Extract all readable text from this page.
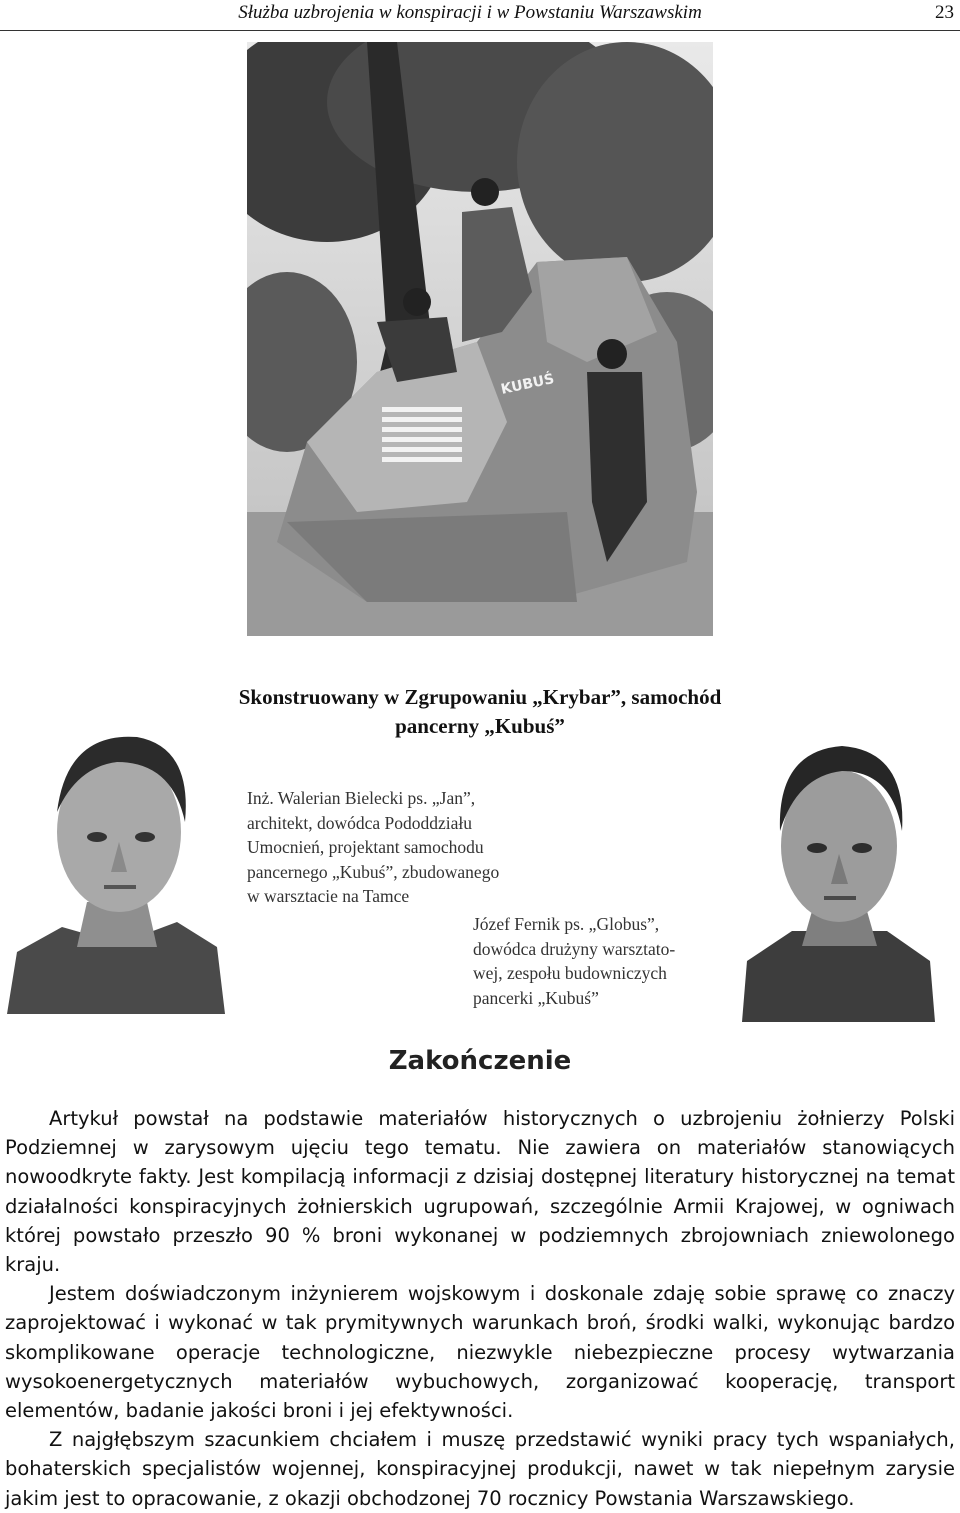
Służba uzbrojenia w konspiracji i w Powstaniu Warszawskim	23
KUBUŚ
Skonstruowany w Zgrupowaniu „Krybar”, samochód
pancerny „Kubuś”
Inż. Walerian Bielecki ps. „Jan”,
architekt, dowódca Pododdziału
Umocnień, projektant samochodu
pancernego „Kubuś”, zbudowanego
w warsztacie na Tamce
Józef Fernik ps. „Globus”,
dowódca drużyny warsztato-
wej, zespołu budowniczych
pancerki „Kubuś”
Zakończenie

Artykuł powstał na podstawie materiałów historycznych o uzbrojeniu żołnierzy Polski Podziemnej w zarysowym ujęciu tego tematu. Nie zawiera on materiałów stanowiących nowoodkryte fakty. Jest kompilacją informacji z dzisiaj dostępnej literatury historycznej na temat działalności konspiracyjnych żołnierskich ugrupowań, szczególnie Armii Krajowej, w ogniwach której powstało przeszło 90 % broni wykonanej w podziemnych zbrojowniach zniewolonego kraju.

Jestem doświadczonym inżynierem wojskowym i doskonale zdaję sobie sprawę co znaczy zaprojektować i wykonać w tak prymitywnych warunkach broń, środki walki, wykonując bardzo skomplikowane operacje technologiczne, niezwykle niebezpieczne procesy wytwarzania wysokoenergetycznych materiałów wybuchowych, zorganizować kooperację, transport elementów, badanie jakości broni i jej efektywności.

Z najgłębszym szacunkiem chciałem i muszę przedstawić wyniki pracy tych wspaniałych, bohaterskich specjalistów wojennej, konspiracyjnej produkcji, nawet w tak niepełnym zarysie jakim jest to opracowanie, z okazji obchodzonej 70 rocznicy Powstania Warszawskiego.
